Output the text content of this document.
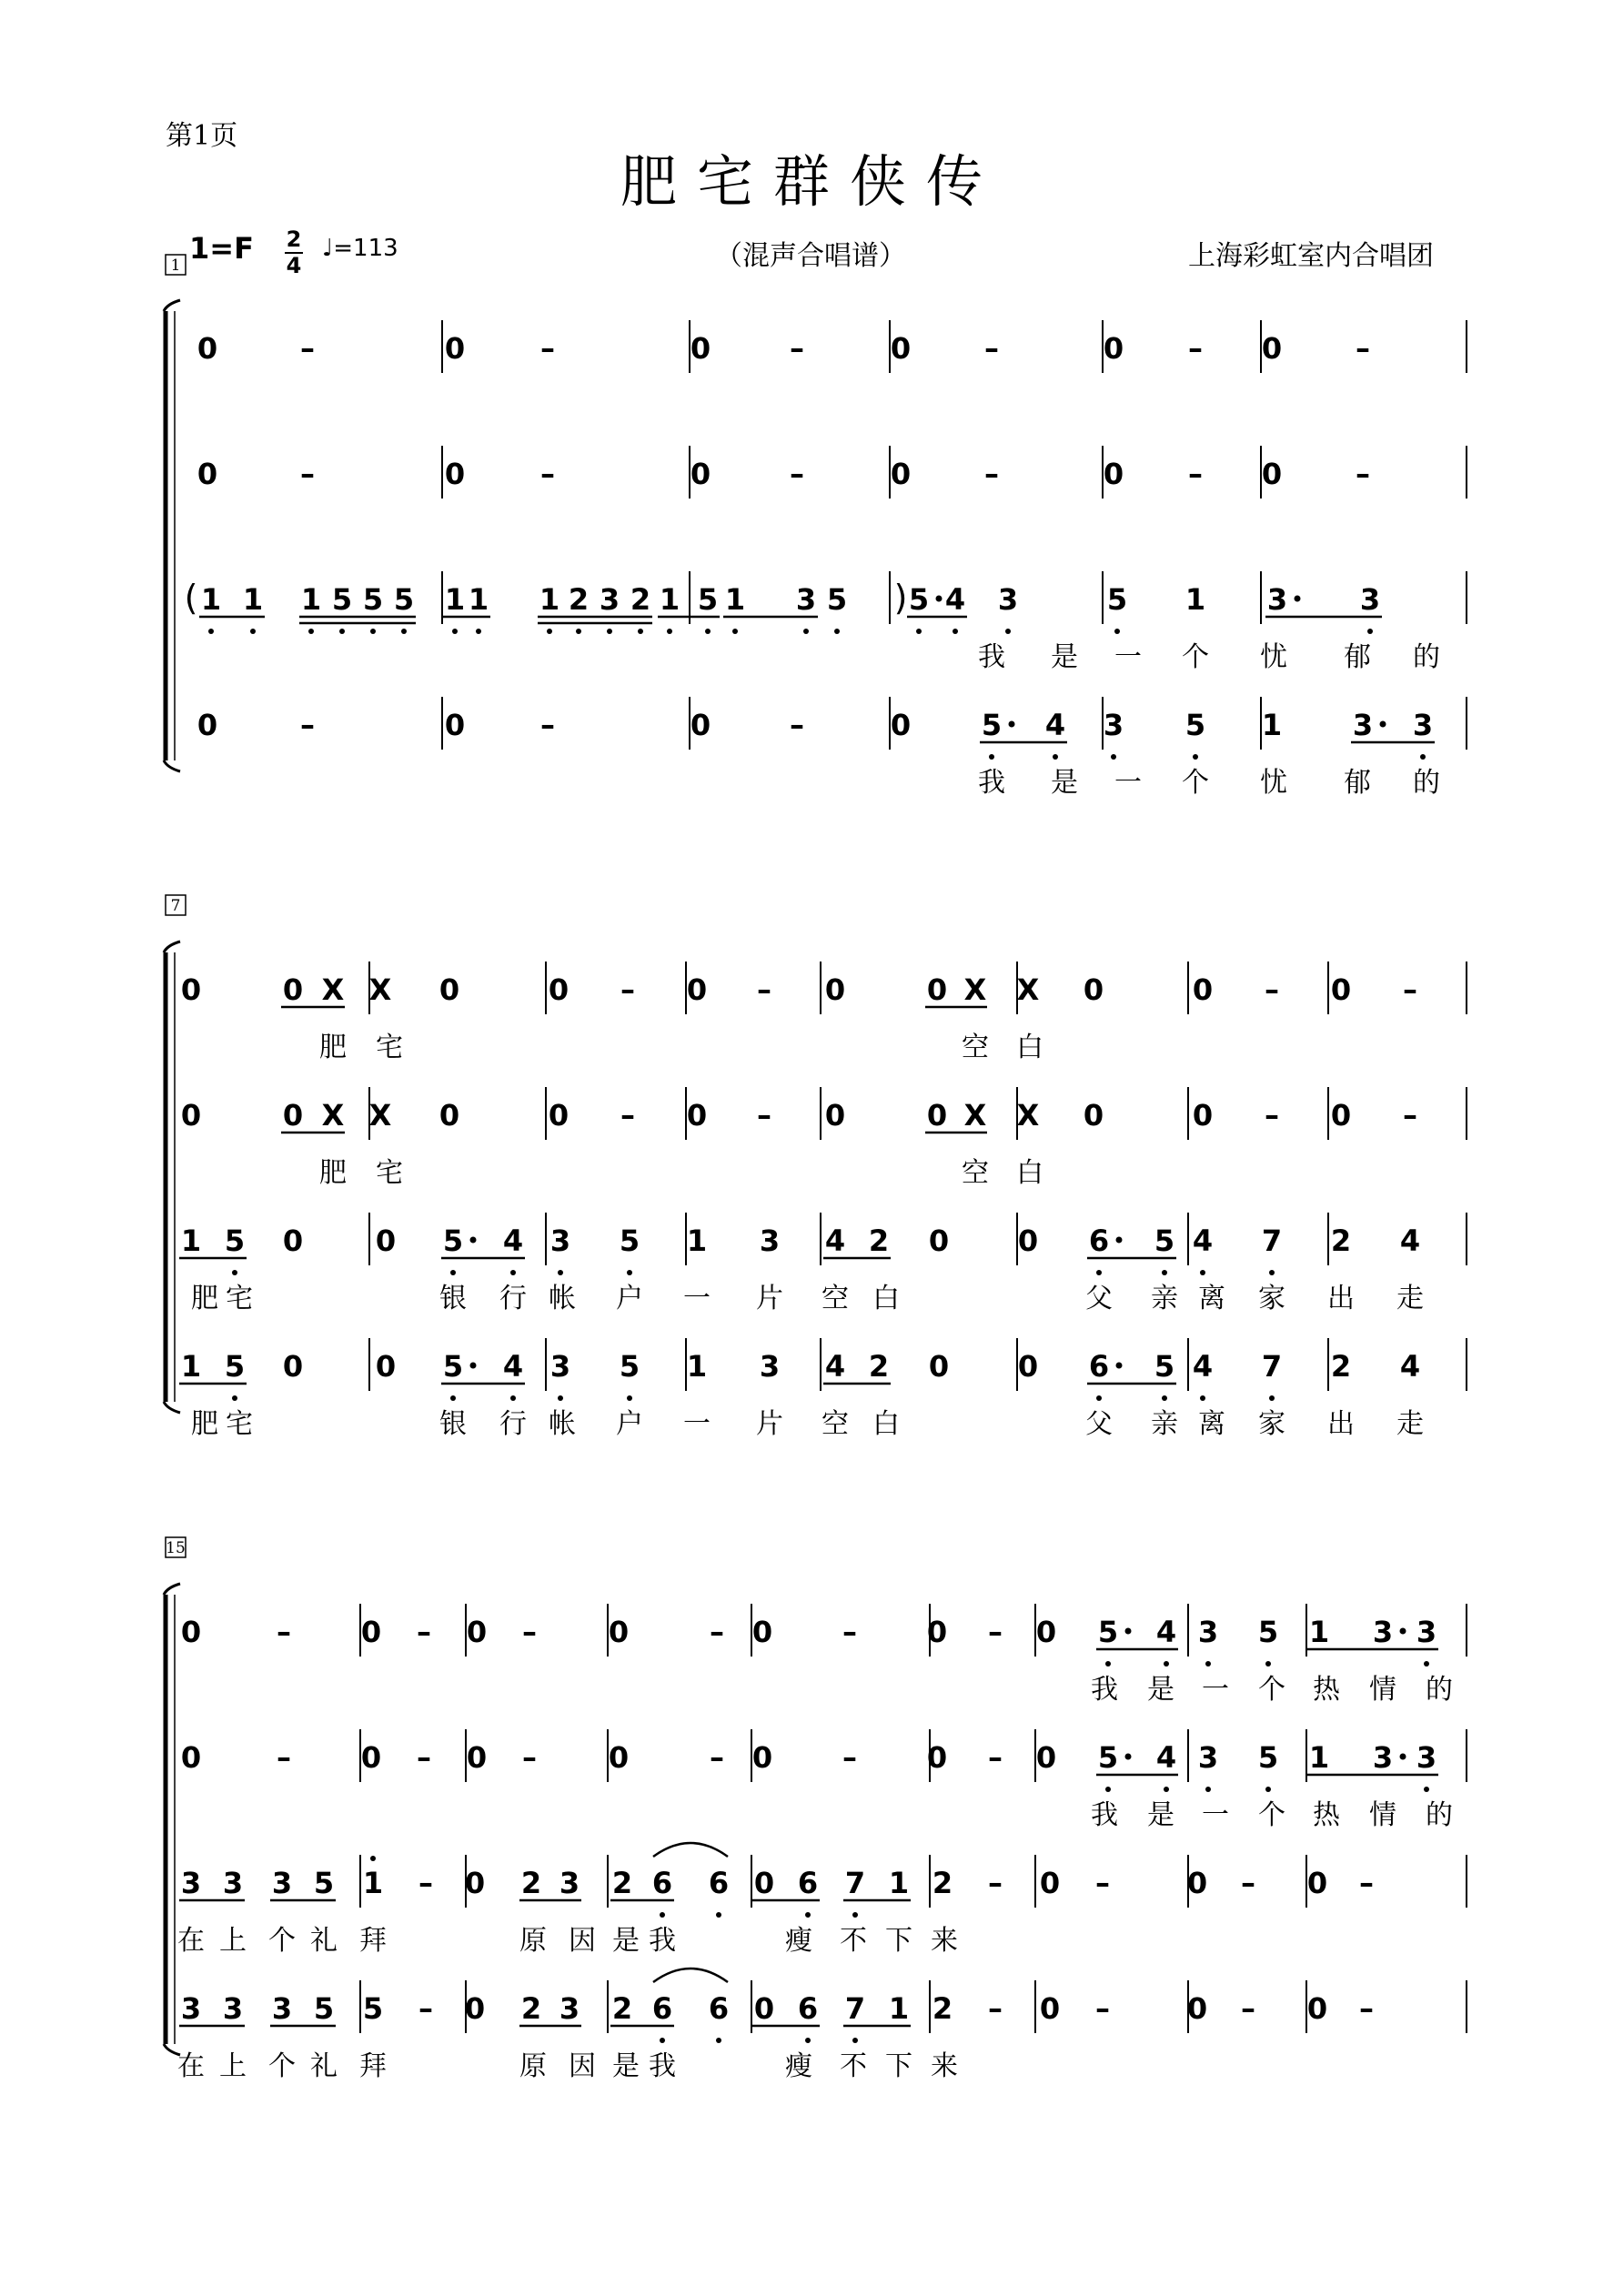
第1页
肥宅群侠传
1=F 2
4
♩=113	（混声合唱谱）	上海彩虹室内合唱团
1
0	–	0	–	0	–	0	–	0 – 0	–
0	–	0	–	0	–	0	–	0 – 0	–
( 1 1 1 5 5 5 1 1 1 2 3 2 1 5 1 3 5 ) 5 4 3	5 1 3 3
我 是 一 个 忧 郁 的
0	–	0	–	0	–	0 5 4 3 5 1 3 3
我 是 一 个 忧 郁 的
7
0	0 X X 0	0 – 0 – 0	0 X X 0	0 – 0 –
肥 宅	空 白
0	0 X X 0	0 – 0 – 0	0 X X 0	0 – 0 –
肥 宅	空 白
1 5 0 0 5 4 3 5 1 3 4 2 0 0 6 5 4 7 2 4
肥宅	银 行 帐 户 一 片 空 白	父 亲 离 家 出 走
1 5 0 0 5 4 3 5 1 3 4 2 0 0 6 5 4 7 2 4
肥宅	银 行 帐 户 一 片 空 白	父 亲 离 家 出 走
15
0	– 0 – 0 – 0	– 0 – 0 – 0 5 4 3 5 1 3 3
我 是 一 个 热 情 的
0	– 0 – 0 – 0	– 0 – 0 – 0 5 4 3 5 1 3 3
我 是 一 个 热 情 的
3 3 3 5 1 – 0 2 3 2 6 6 0 6 7 1 2 – 0 –	0 – 0 –
在 上 个 礼 拜	原 因 是 我	瘦 不 下 来
3 3 3 5 5 – 0 2 3 2 6 6 0 6 7 1 2 – 0 –	0 – 0 –
在 上 个 礼 拜	原 因 是 我	瘦 不 下 来
